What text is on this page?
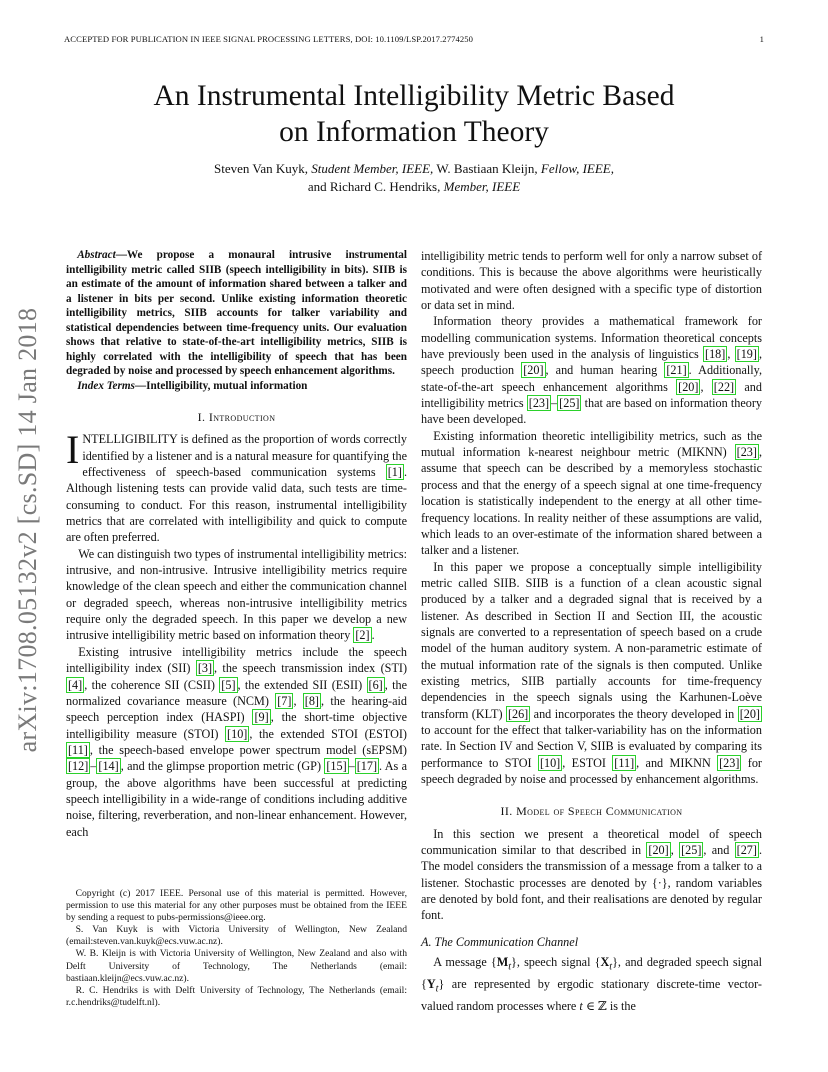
ACCEPTED FOR PUBLICATION IN IEEE SIGNAL PROCESSING LETTERS, DOI: 10.1109/LSP.2017.2774250	1
arXiv:1708.05132v2 [cs.SD] 14 Jan 2018
An Instrumental Intelligibility Metric Based
on Information Theory
Steven Van Kuyk, Student Member, IEEE, W. Bastiaan Kleijn, Fellow, IEEE,
and Richard C. Hendriks, Member, IEEE

Abstract—We propose a monaural intrusive instrumental intelligibility metric called SIIB (speech intelligibility in bits). SIIB is an estimate of the amount of information shared between a talker and a listener in bits per second. Unlike existing information theoretic intelligibility metrics, SIIB accounts for talker variability and statistical dependencies between time-frequency units. Our evaluation shows that relative to state-of-the-art intelligibility metrics, SIIB is highly correlated with the intelligibility of speech that has been degraded by noise and processed by speech enhancement algorithms.

Index Terms—Intelligibility, mutual information

I. Introduction

INTELLIGIBILITY is defined as the proportion of words correctly identified by a listener and is a natural measure for quantifying the effectiveness of speech-based communication systems [1] . Although listening tests can provide valid data, such tests are time-consuming to conduct. For this reason, instrumental intelligibility metrics that are correlated with intelligibility and quick to compute are often preferred.

We can distinguish two types of instrumental intelligibility metrics: intrusive, and non-intrusive. Intrusive intelligibility metrics require knowledge of the clean speech and either the communication channel or degraded speech, whereas non-intrusive intelligibility metrics require only the degraded speech. In this paper we develop a new intrusive intelligibility metric based on information theory [2] .

Existing intrusive intelligibility metrics include the speech intelligibility index (SII) [3] , the speech transmission index (STI) [4] , the coherence SII (CSII) [5] , the extended SII (ESII) [6] , the normalized covariance measure (NCM) [7] , [8] , the hearing-aid speech perception index (HASPI) [9] , the short-time objective intelligibility measure (STOI) [10] , the extended STOI (ESTOI) [11] , the speech-based envelope power spectrum model (sEPSM) [12] – [14] , and the glimpse proportion metric (GP) [15] – [17] . As a group, the above algorithms have been successful at predicting speech intelligibility in a wide-range of conditions including additive noise, filtering, reverberation, and non-linear enhancement. However, each

Copyright (c) 2017 IEEE. Personal use of this material is permitted. However, permission to use this material for any other purposes must be obtained from the IEEE by sending a request to pubs-permissions@ieee.org.

S. Van Kuyk is with Victoria University of Wellington, New Zealand (email:steven.van.kuyk@ecs.vuw.ac.nz).

W. B. Kleijn is with Victoria University of Wellington, New Zealand and also with Delft University of Technology, The Netherlands (email: bastiaan.kleijn@ecs.vuw.ac.nz).

R. C. Hendriks is with Delft University of Technology, The Netherlands (email: r.c.hendriks@tudelft.nl).

intelligibility metric tends to perform well for only a narrow subset of conditions. This is because the above algorithms were heuristically motivated and were often designed with a specific type of distortion or data set in mind.

Information theory provides a mathematical framework for modelling communication systems. Information theoretical concepts have previously been used in the analysis of linguistics [18] , [19] , speech production [20] , and human hearing [21] . Additionally, state-of-the-art speech enhancement algorithms [20] , [22] and intelligibility metrics [23] – [25] that are based on information theory have been developed.

Existing information theoretic intelligibility metrics, such as the mutual information k-nearest neighbour metric (MIKNN) [23] , assume that speech can be described by a memoryless stochastic process and that the energy of a speech signal at one time-frequency location is statistically independent to the energy at all other time-frequency locations. In reality neither of these assumptions are valid, which leads to an over-estimate of the information shared between a talker and a listener.

In this paper we propose a conceptually simple intelligibility metric called SIIB. SIIB is a function of a clean acoustic signal produced by a talker and a degraded signal that is received by a listener. As described in Section II and Section III, the acoustic signals are converted to a representation of speech based on a crude model of the human auditory system. A non-parametric estimate of the mutual information rate of the signals is then computed. Unlike existing metrics, SIIB partially accounts for time-frequency dependencies in the speech signals using the Karhunen-Loève transform (KLT) [26] and incorporates the theory developed in [20] to account for the effect that talker-variability has on the information rate. In Section IV and Section V, SIIB is evaluated by comparing its performance to STOI [10] , ESTOI [11] , and MIKNN [23] for speech degraded by noise and processed by enhancement algorithms.

II. Model of Speech Communication

In this section we present a theoretical model of speech communication similar to that described in [20] , [25] , and [27] . The model considers the transmission of a message from a talker to a listener. Stochastic processes are denoted by {·}, random variables are denoted by bold font, and their realisations are denoted by regular font.

A. The Communication Channel

A message $\{M_t\}$, speech signal $\{X_t\}$, and degraded speech signal $\{Y_t\}$ are represented by ergodic stationary discrete-time vector-valued random processes where t ∈ ℤ is the
